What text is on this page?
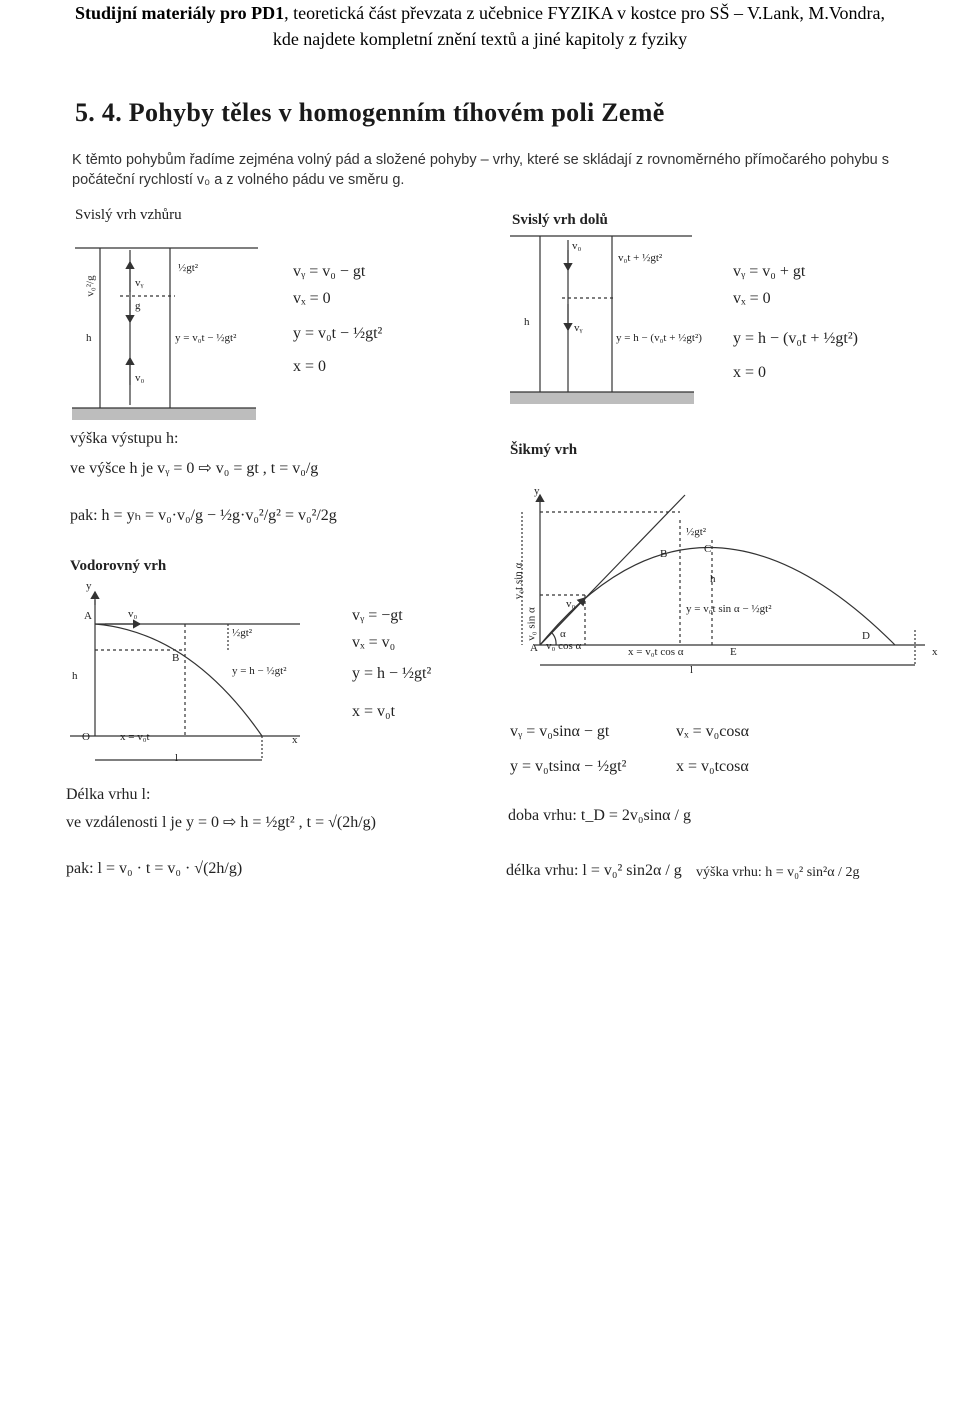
Studijní materiály pro PD1, teoretická část převzata z učebnice FYZIKA v kostce pro SŠ – V.Lank, M.Vondra,
kde najdete kompletní znění textů a jiné kapitoly z fyziky
5. 4. Pohyby těles v homogenním tíhovém poli Země
K těmto pohybům řadíme zejména volný pád a složené pohyby – vrhy, které se skládají z rovnoměrného přímočarého pohybu s počáteční rychlostí v₀ a z volného pádu ve směru g.
Svislý vrh vzhůru
v₀²/g	vᵧ
g
½gt²
h	y = v₀t − ½gt²
v₀
vᵧ = v₀ − gt
vₓ = 0
y = v₀t − ½gt²
x = 0
výška výstupu h:
ve výšce h je vᵧ = 0 ⇨ v₀ = gt , t = v₀/g
pak: h = yₕ = v₀·v₀/g − ½g·v₀²/g² = v₀²/2g
Svislý vrh dolů
v₀
v₀t + ½gt²
h	vᵧ
y = h − (v₀t + ½gt²)
vᵧ = v₀ + gt
vₓ = 0
y = h − (v₀t + ½gt²)
x = 0
Vodorovný vrh
y
A	v₀
½gt²
B
y = h − ½gt²
h
O	x = v₀t	x
l
vᵧ = −gt
vₓ = v₀
y = h − ½gt²
x = v₀t
Délka vrhu l:
ve vzdálenosti l je y = 0 ⇨ h = ½gt² , t = √(2h/g)
pak: l = v₀ · t = v₀ · √(2h/g)
Šikmý vrh
y
v₀t sin α
v₀ sin α
½gt²
B	C
h
v₀	y = v₀t sin α − ½gt²
α
A v₀ cos α	x = v₀t cos α	E
D
x
l
vᵧ = v₀sinα − gt	vₓ = v₀cosα
y = v₀tsinα − ½gt²	x = v₀tcosα
doba vrhu: t_D = 2v₀sinα / g
délka vrhu: l = v₀² sin2α / g výška vrhu: h = v₀² sin²α / 2g
